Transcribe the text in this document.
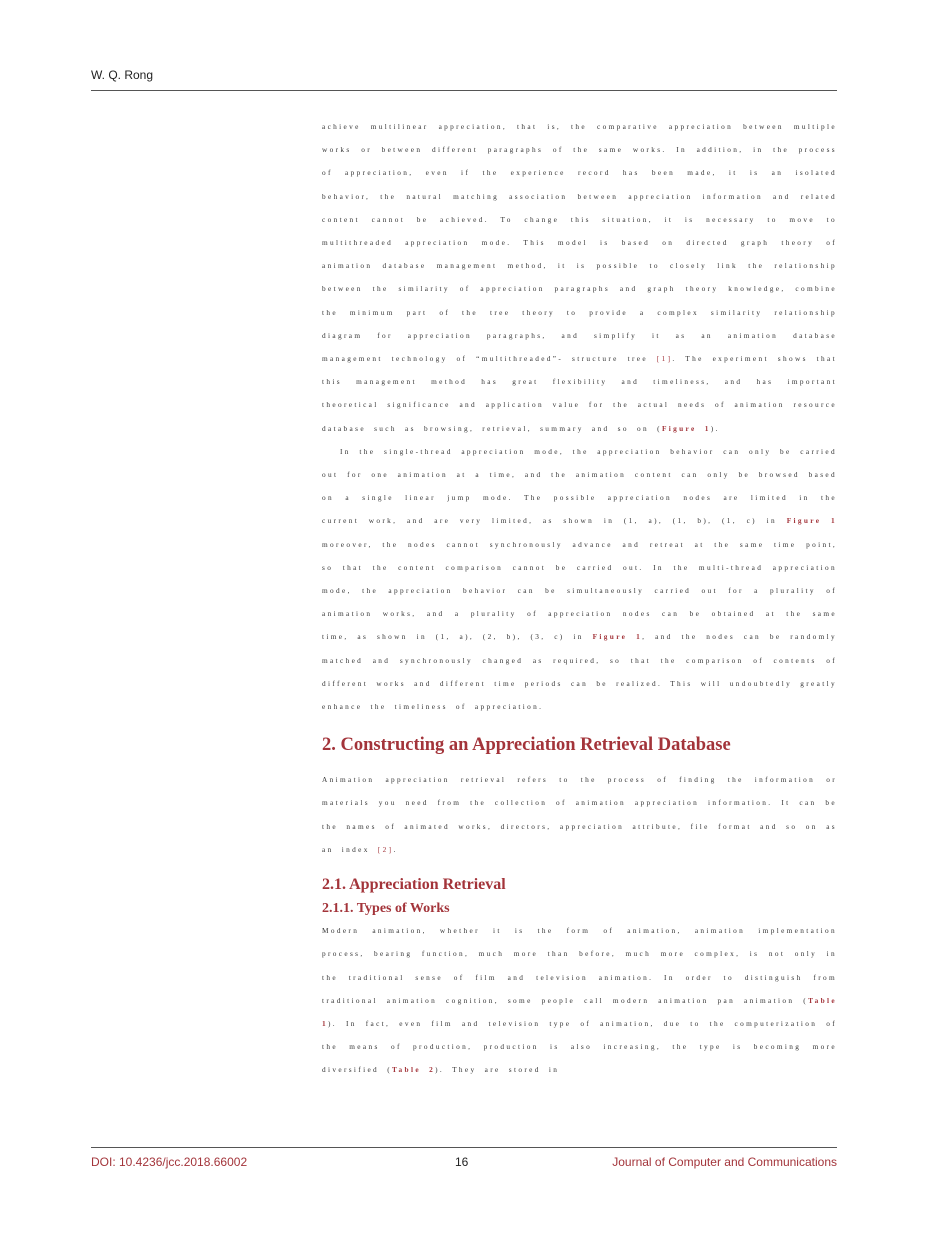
W. Q. Rong

achieve multilinear appreciation, that is, the comparative appreciation between multiple works or between different paragraphs of the same works. In addition, in the process of appreciation, even if the experience record has been made, it is an isolated behavior, the natural matching association between appreciation information and related content cannot be achieved. To change this situation, it is necessary to move to multithreaded appreciation mode. This model is based on directed graph theory of animation database management method, it is possible to closely link the relationship between the similarity of appreciation paragraphs and graph theory knowledge, combine the minimum part of the tree theory to provide a complex similarity relationship diagram for appreciation paragraphs, and simplify it as an animation database management technology of “multithreaded”- structure tree [1]. The experiment shows that this management method has great flexibility and timeliness, and has important theoretical significance and application value for the actual needs of animation resource database such as browsing, retrieval, summary and so on (Figure 1).

In the single-thread appreciation mode, the appreciation behavior can only be carried out for one animation at a time, and the animation content can only be browsed based on a single linear jump mode. The possible appreciation nodes are limited in the current work, and are very limited, as shown in (1, a), (1, b), (1, c) in Figure 1 moreover, the nodes cannot synchronously advance and retreat at the same time point, so that the content comparison cannot be carried out. In the multi-thread appreciation mode, the appreciation behavior can be simultaneously carried out for a plurality of animation works, and a plurality of appreciation nodes can be obtained at the same time, as shown in (1, a), (2, b), (3, c) in Figure 1, and the nodes can be randomly matched and synchronously changed as required, so that the comparison of contents of different works and different time periods can be realized. This will undoubtedly greatly enhance the timeliness of appreciation.

2. Constructing an Appreciation Retrieval Database

Animation appreciation retrieval refers to the process of finding the information or materials you need from the collection of animation appreciation information. It can be the names of animated works, directors, appreciation attribute, file format and so on as an index [2].

2.1. Appreciation Retrieval
2.1.1. Types of Works

Modern animation, whether it is the form of animation, animation implementation process, bearing function, much more than before, much more complex, is not only in the traditional sense of film and television animation. In order to distinguish from traditional animation cognition, some people call modern animation pan animation (Table 1). In fact, even film and television type of animation, due to the computerization of the means of production, production is also increasing, the type is becoming more diversified (Table 2). They are stored in

DOI: 10.4236/jcc.2018.66002	16	Journal of Computer and Communications
